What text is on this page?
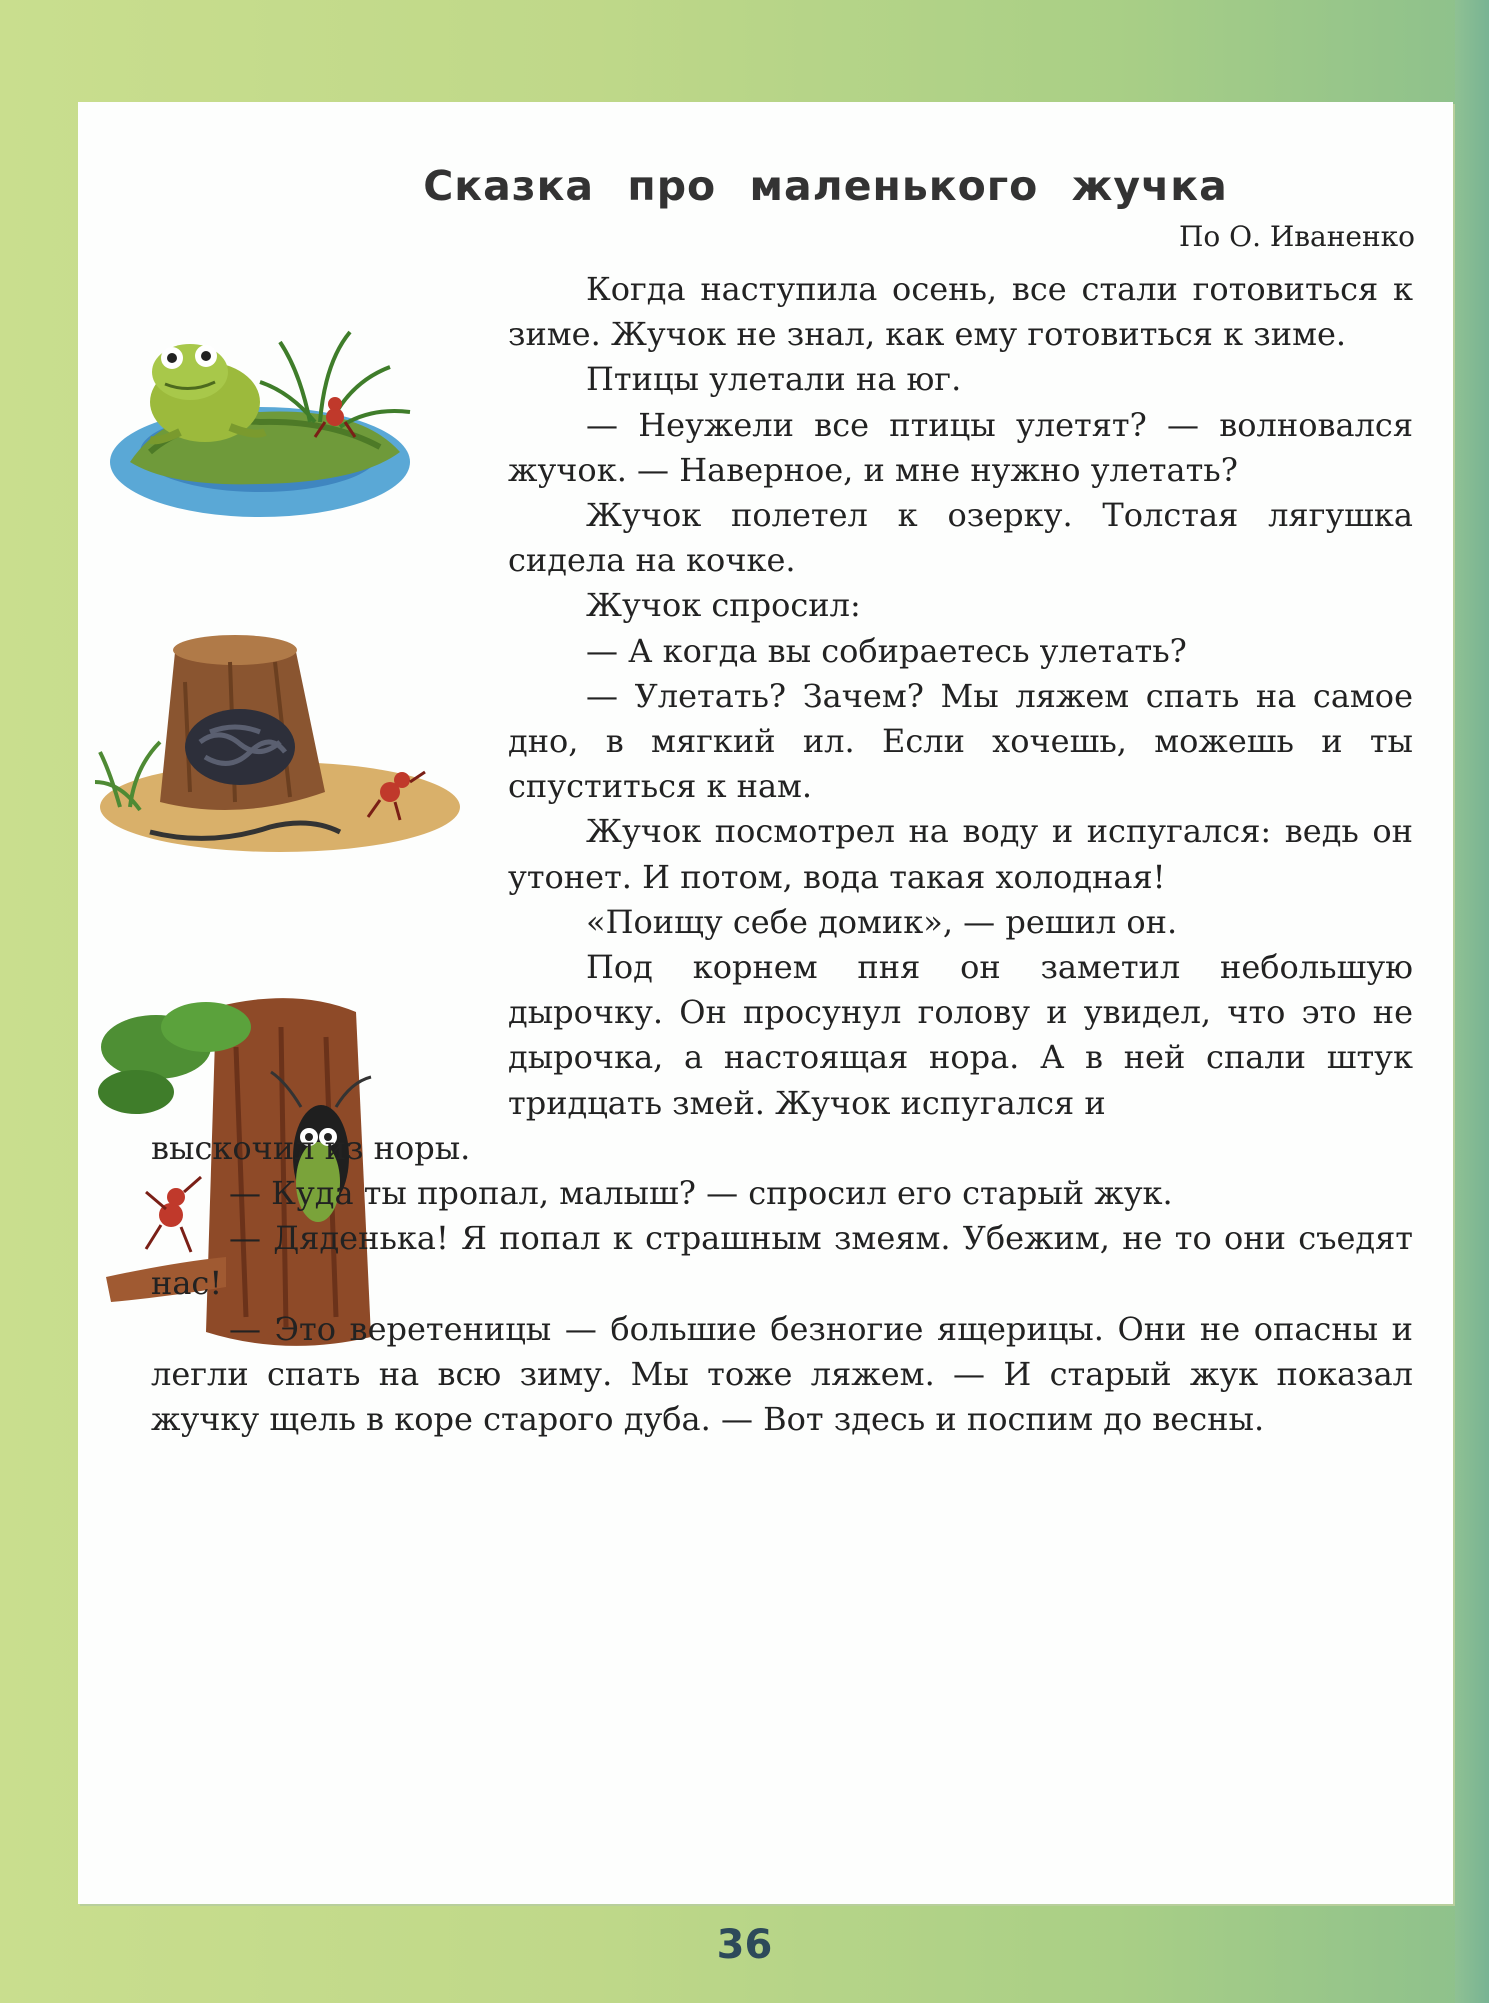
Сказка про маленького жучка
По О. Иваненко

Когда наступила осень, все стали готовиться к зиме. Жучок не знал, как ему готовиться к зиме.

Птицы улетали на юг.

— Неужели все птицы улетят? — волновался жучок. — Наверное, и мне нужно улетать?

Жучок полетел к озерку. Толстая лягушка сидела на кочке.

Жучок спросил:

— А когда вы собираетесь улетать?

— Улетать? Зачем? Мы ляжем спать на самое дно, в мягкий ил. Если хочешь, можешь и ты спуститься к нам.

Жучок посмотрел на воду и испугался: ведь он утонет. И потом, вода такая холодная!

«Поищу себе домик», — решил он.

Под корнем пня он заметил небольшую дырочку. Он просунул голову и увидел, что это не дырочка, а настоящая нора. А в ней спали штук тридцать змей. Жучок испугался и

выскочил из норы.

— Куда ты пропал, малыш? — спросил его старый жук.

— Дяденька! Я попал к страшным змеям. Убежим, не то они съедят нас!

— Это веретеницы — большие безногие ящерицы. Они не опасны и легли спать на всю зиму. Мы тоже ляжем. — И старый жук показал жучку щель в коре старого дуба. — Вот здесь и поспим до весны.

36
